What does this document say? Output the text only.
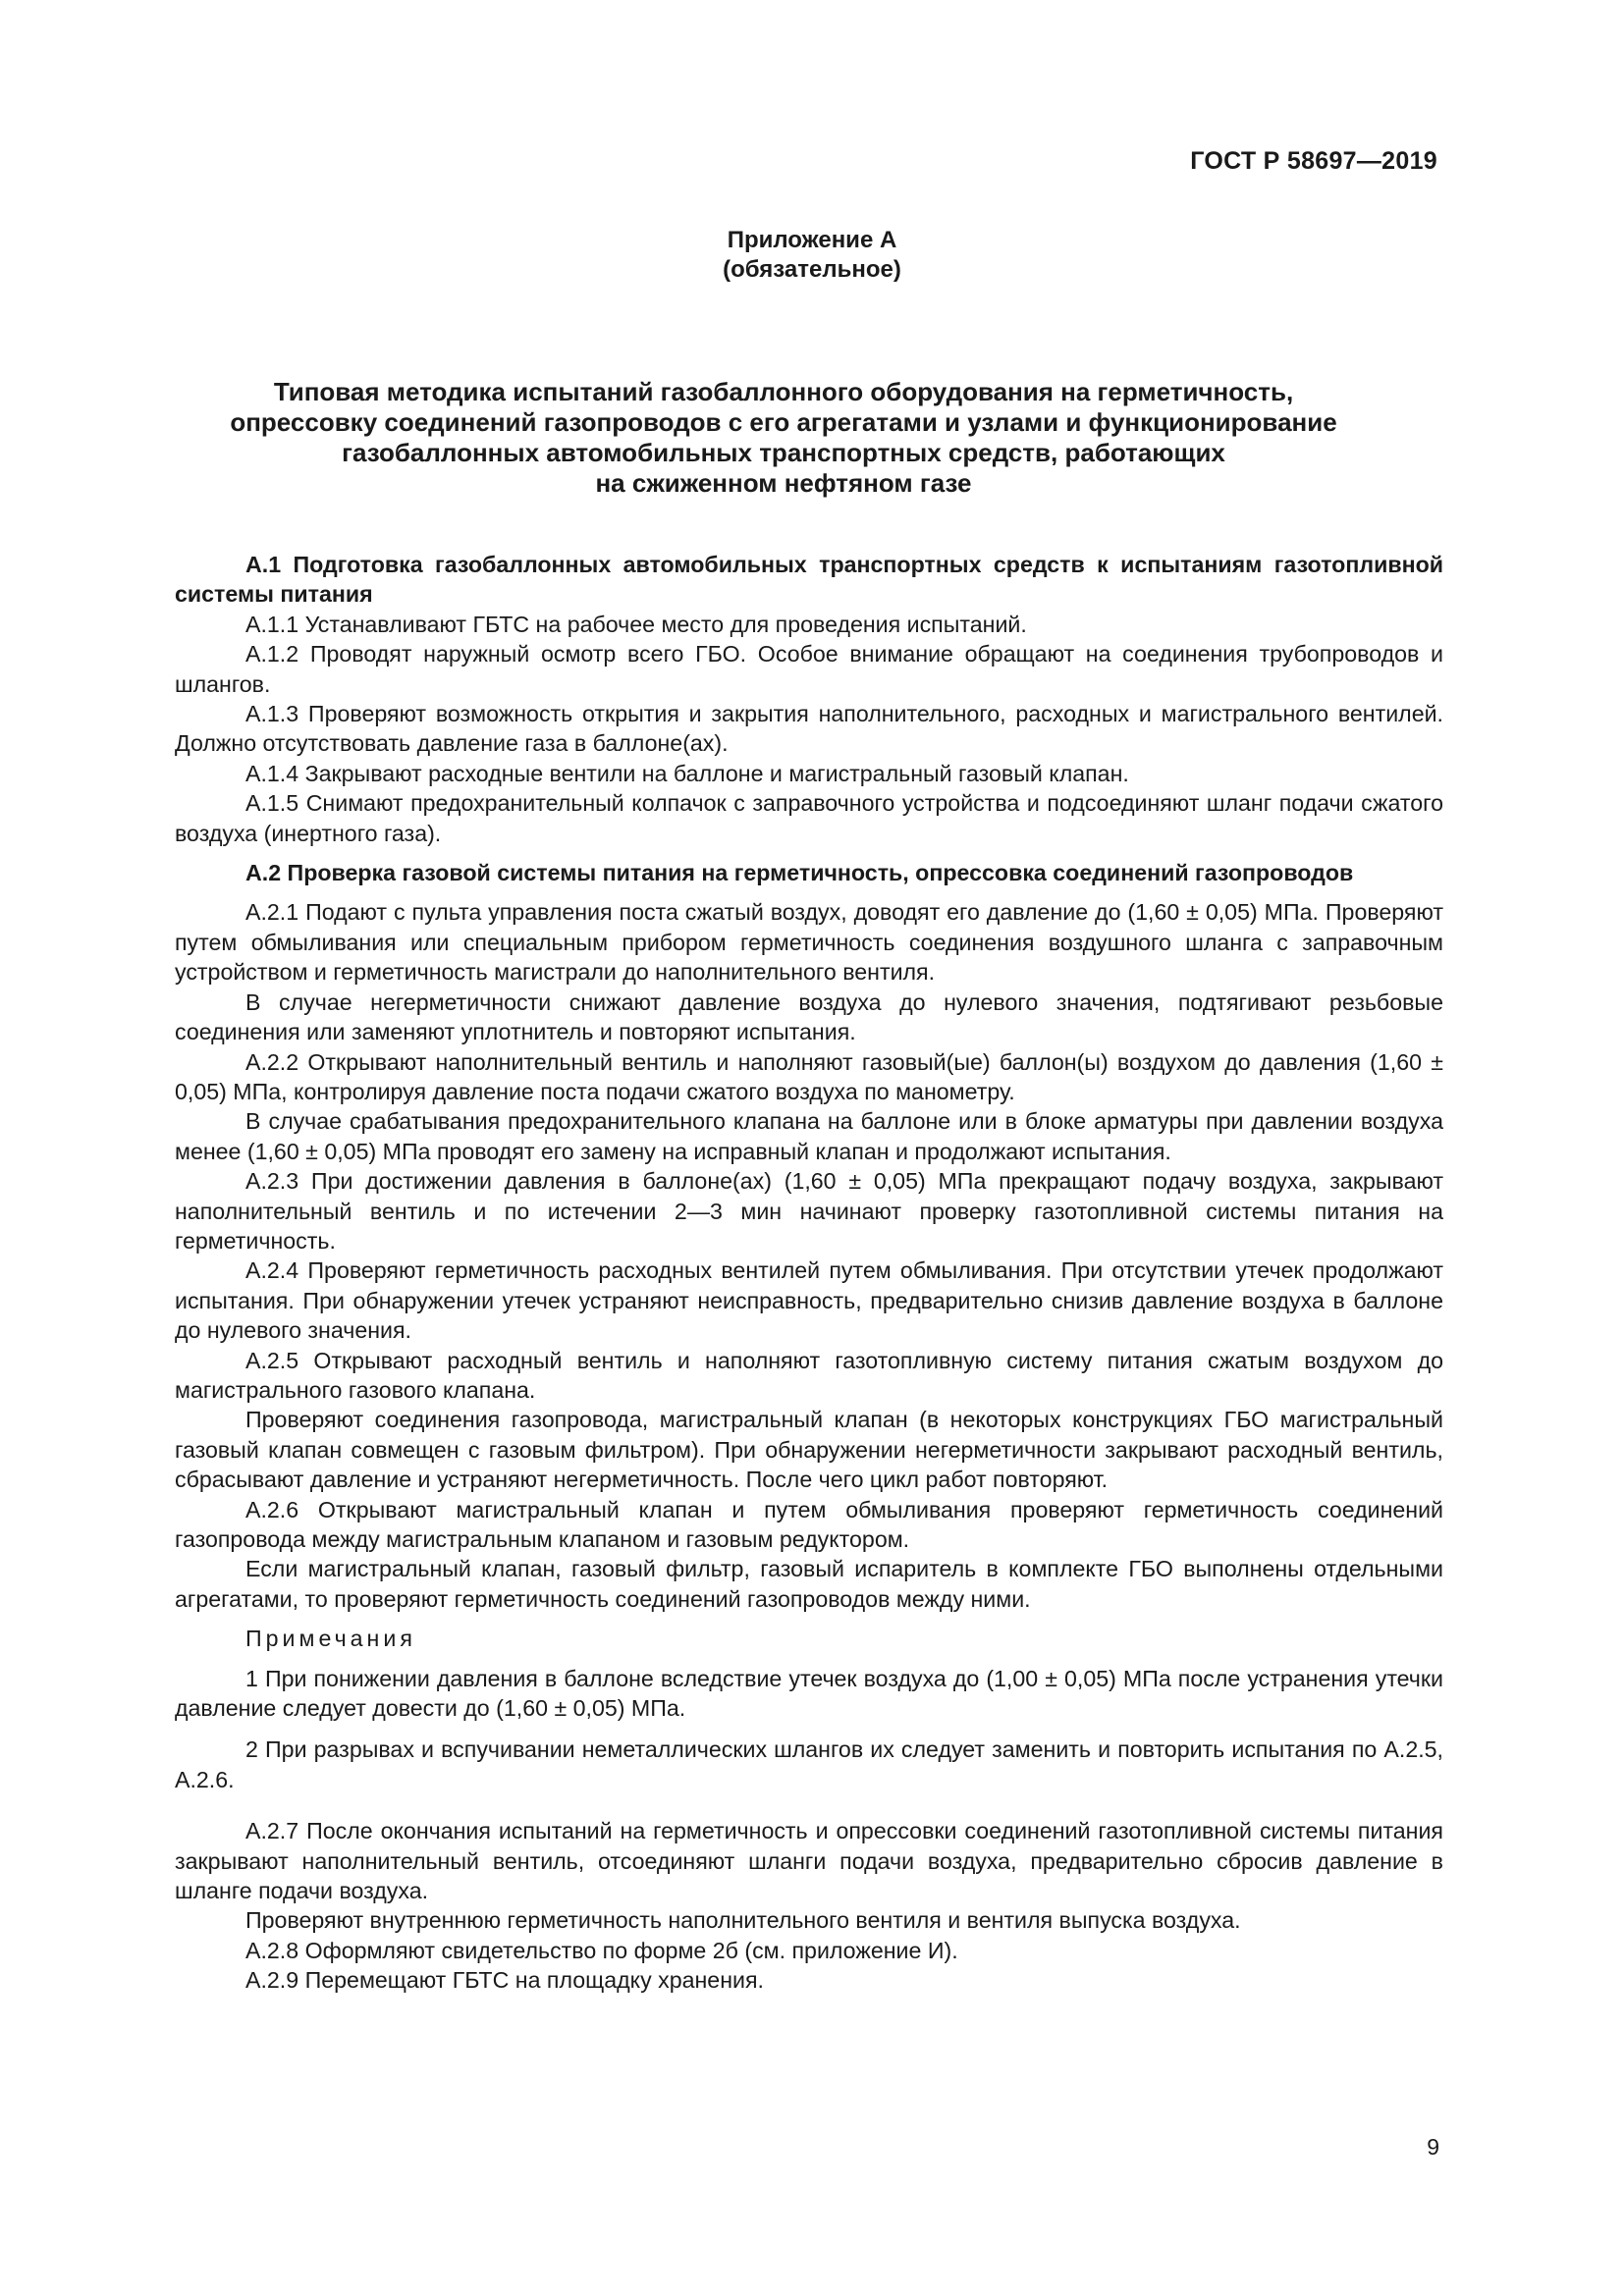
ГОСТ Р 58697—2019
Приложение А
(обязательное)
Типовая методика испытаний газобаллонного оборудования на герметичность,
опрессовку соединений газопроводов с его агрегатами и узлами и функционирование
газобаллонных автомобильных транспортных средств, работающих
на сжиженном нефтяном газе

А.1 Подготовка газобаллонных автомобильных транспортных средств к испытаниям газотопливной системы питания

А.1.1 Устанавливают ГБТС на рабочее место для проведения испытаний.

А.1.2 Проводят наружный осмотр всего ГБО. Особое внимание обращают на соединения трубопроводов и шлангов.

А.1.3 Проверяют возможность открытия и закрытия наполнительного, расходных и магистрального вентилей. Должно отсутствовать давление газа в баллоне(ах).

А.1.4 Закрывают расходные вентили на баллоне и магистральный газовый клапан.

А.1.5 Снимают предохранительный колпачок с заправочного устройства и подсоединяют шланг подачи сжатого воздуха (инертного газа).

А.2 Проверка газовой системы питания на герметичность, опрессовка соединений газопроводов

А.2.1 Подают с пульта управления поста сжатый воздух, доводят его давление до (1,60 ± 0,05) МПа. Проверяют путем обмыливания или специальным прибором герметичность соединения воздушного шланга с заправочным устройством и герметичность магистрали до наполнительного вентиля.

В случае негерметичности снижают давление воздуха до нулевого значения, подтягивают резьбовые соединения или заменяют уплотнитель и повторяют испытания.

А.2.2 Открывают наполнительный вентиль и наполняют газовый(ые) баллон(ы) воздухом до давления (1,60 ± 0,05) МПа, контролируя давление поста подачи сжатого воздуха по манометру.

В случае срабатывания предохранительного клапана на баллоне или в блоке арматуры при давлении воздуха менее (1,60 ± 0,05) МПа проводят его замену на исправный клапан и продолжают испытания.

А.2.3 При достижении давления в баллоне(ах) (1,60 ± 0,05) МПа прекращают подачу воздуха, закрывают наполнительный вентиль и по истечении 2—3 мин начинают проверку газотопливной системы питания на герметичность.

А.2.4 Проверяют герметичность расходных вентилей путем обмыливания. При отсутствии утечек продолжают испытания. При обнаружении утечек устраняют неисправность, предварительно снизив давление воздуха в баллоне до нулевого значения.

А.2.5 Открывают расходный вентиль и наполняют газотопливную систему питания сжатым воздухом до магистрального газового клапана.

Проверяют соединения газопровода, магистральный клапан (в некоторых конструкциях ГБО магистральный газовый клапан совмещен с газовым фильтром). При обнаружении негерметичности закрывают расходный вентиль, сбрасывают давление и устраняют негерметичность. После чего цикл работ повторяют.

А.2.6 Открывают магистральный клапан и путем обмыливания проверяют герметичность соединений газопровода между магистральным клапаном и газовым редуктором.

Если магистральный клапан, газовый фильтр, газовый испаритель в комплекте ГБО выполнены отдельными агрегатами, то проверяют герметичность соединений газопроводов между ними.

Примечания

1 При понижении давления в баллоне вследствие утечек воздуха до (1,00 ± 0,05) МПа после устранения утечки давление следует довести до (1,60 ± 0,05) МПа.

2 При разрывах и вспучивании неметаллических шлангов их следует заменить и повторить испытания по А.2.5, А.2.6.

А.2.7 После окончания испытаний на герметичность и опрессовки соединений газотопливной системы питания закрывают наполнительный вентиль, отсоединяют шланги подачи воздуха, предварительно сбросив давление в шланге подачи воздуха.

Проверяют внутреннюю герметичность наполнительного вентиля и вентиля выпуска воздуха.

А.2.8 Оформляют свидетельство по форме 2б (см. приложение И).

А.2.9 Перемещают ГБТС на площадку хранения.

9
